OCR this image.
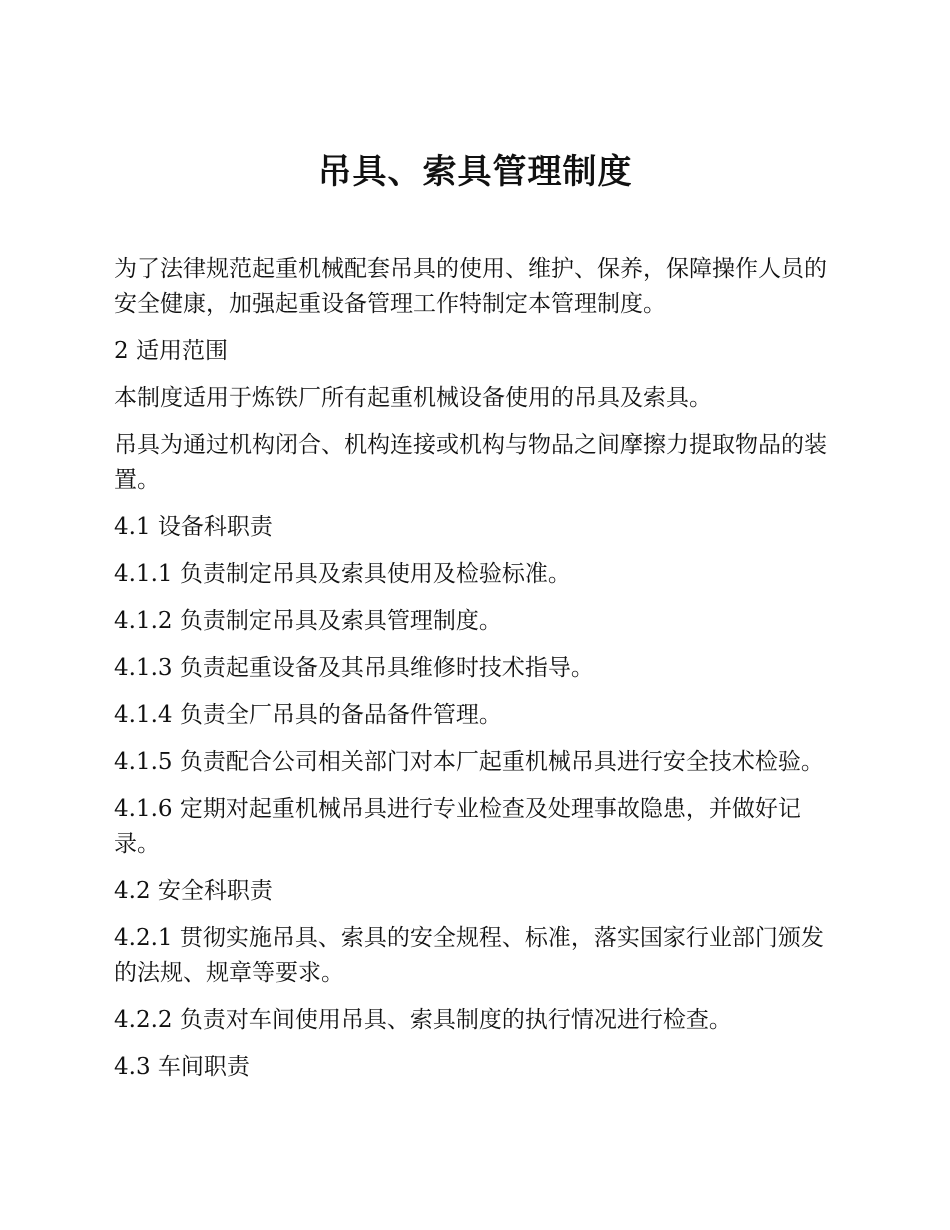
吊具、索具管理制度

为了法律规范起重机械配套吊具的使用、维护、保养，保障操作人员的安全健康，加强起重设备管理工作特制定本管理制度。

2 适用范围

本制度适用于炼铁厂所有起重机械设备使用的吊具及索具。

吊具为通过机构闭合、机构连接或机构与物品之间摩擦力提取物品的装置。

4.1 设备科职责

4.1.1 负责制定吊具及索具使用及检验标准。

4.1.2 负责制定吊具及索具管理制度。

4.1.3 负责起重设备及其吊具维修时技术指导。

4.1.4 负责全厂吊具的备品备件管理。

4.1.5 负责配合公司相关部门对本厂起重机械吊具进行安全技术检验。

4.1.6 定期对起重机械吊具进行专业检查及处理事故隐患，并做好记录。

4.2 安全科职责

4.2.1 贯彻实施吊具、索具的安全规程、标准，落实国家行业部门颁发的法规、规章等要求。

4.2.2 负责对车间使用吊具、索具制度的执行情况进行检查。

4.3 车间职责
